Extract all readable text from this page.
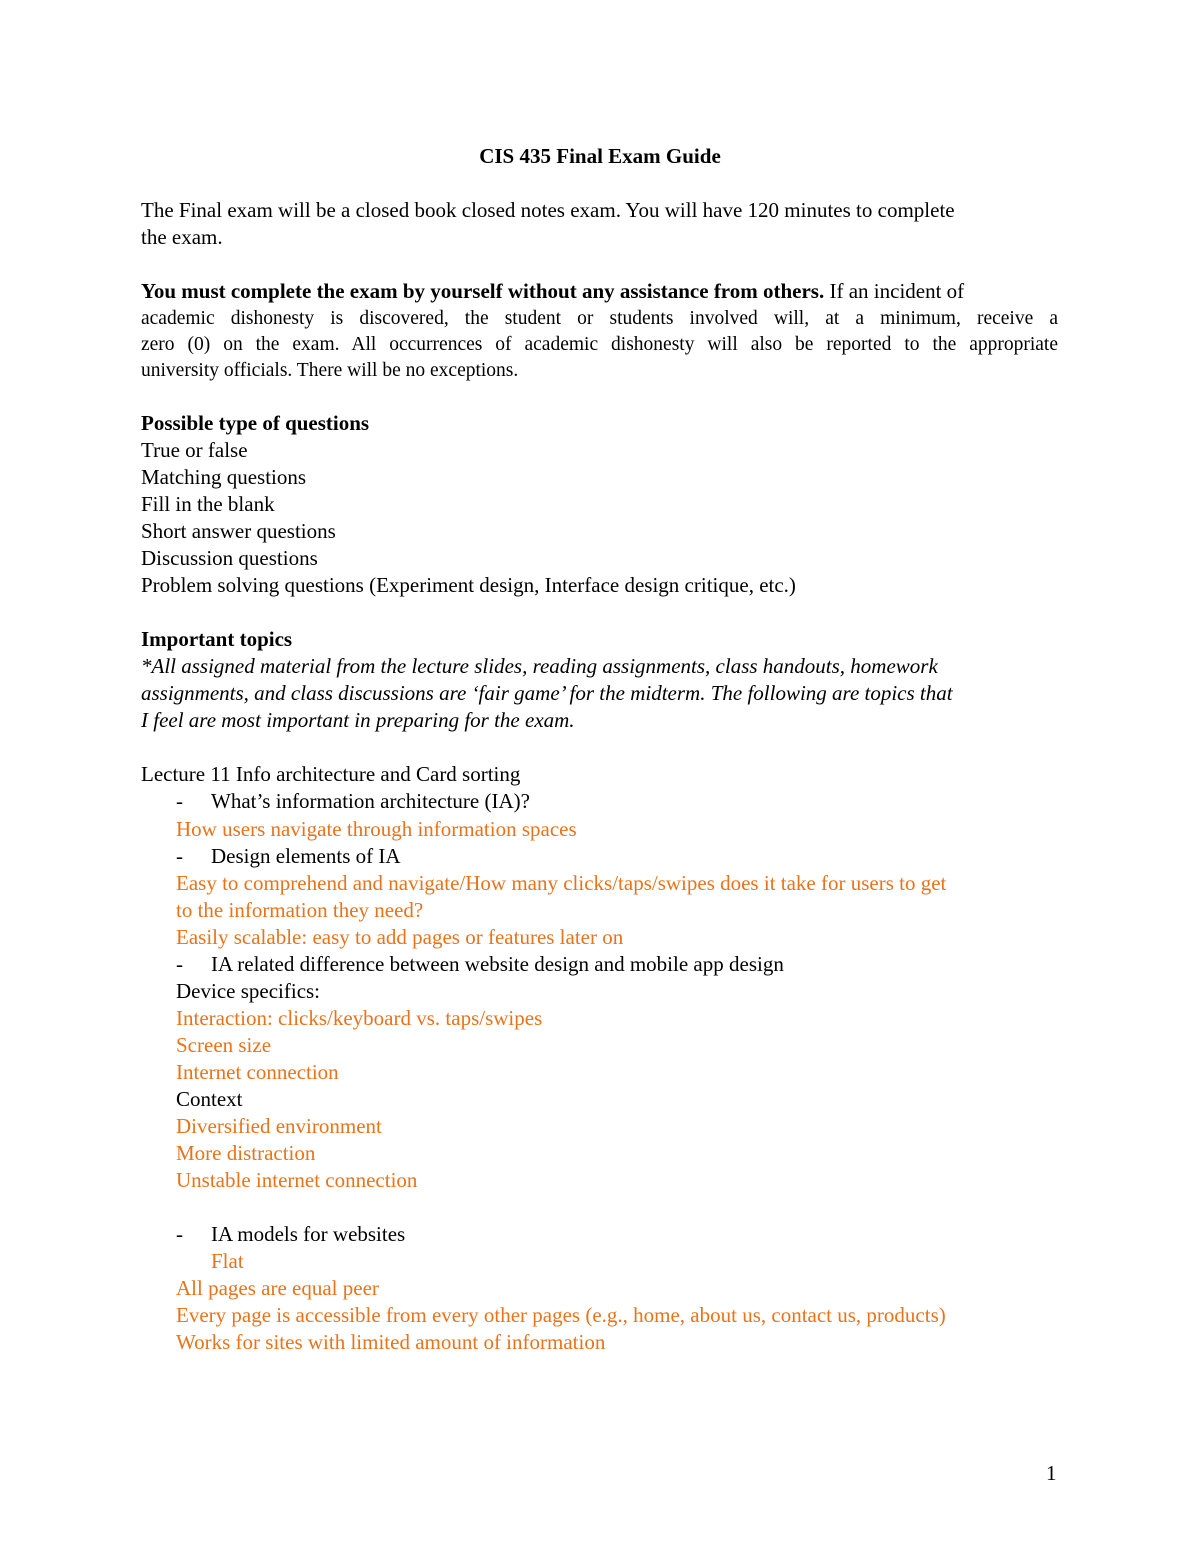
CIS 435 Final Exam Guide
The Final exam will be a closed book closed notes exam. You will have 120 minutes to complete
the exam.
You must complete the exam by yourself without any assistance from others. If an incident of
academic dishonesty is discovered, the student or students involved will, at a minimum, receive a
zero (0) on the exam. All occurrences of academic dishonesty will also be reported to the appropriate
university officials. There will be no exceptions.
Possible type of questions
True or false
Matching questions
Fill in the blank
Short answer questions
Discussion questions
Problem solving questions (Experiment design, Interface design critique, etc.)
Important topics
*All assigned material from the lecture slides, reading assignments, class handouts, homework
assignments, and class discussions are ‘fair game’ for the midterm. The following are topics that
I feel are most important in preparing for the exam.
Lecture 11 Info architecture and Card sorting
- What’s information architecture (IA)?
How users navigate through information spaces
- Design elements of IA
Easy to comprehend and navigate/How many clicks/taps/swipes does it take for users to get
to the information they need?
Easily scalable: easy to add pages or features later on
- IA related difference between website design and mobile app design
Device specifics:
Interaction: clicks/keyboard vs. taps/swipes
Screen size
Internet connection
Context
Diversified environment
More distraction
Unstable internet connection
- IA models for websites
Flat
All pages are equal peer
Every page is accessible from every other pages (e.g., home, about us, contact us, products)
Works for sites with limited amount of information
1
